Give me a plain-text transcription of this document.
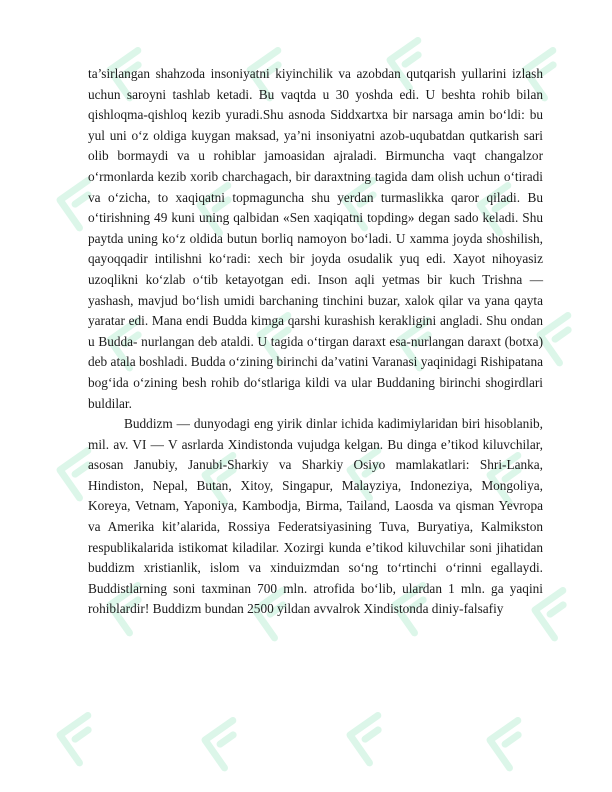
ta’sirlangan shahzoda insoniyatni kiyinchilik va azobdan qutqarish yullarini izlash uchun saroyni tashlab ketadi. Bu vaqtda u 30 yoshda edi. U beshta rohib bilan qishloqma-qishloq kezib yuradi.Shu asnoda Siddxartxa bir narsaga amin bo‘ldi: bu yul uni o‘z oldiga kuygan maksad, ya’ni insoniyatni azob-uqubatdan qutkarish sari olib bormaydi va u rohiblar jamoasidan ajraladi. Birmuncha vaqt changalzor o‘rmonlarda kezib xorib charchagach, bir daraxtning tagida dam olish uchun o‘tiradi va o‘zicha, to xaqiqatni topmaguncha shu yerdan turmaslikka qaror qiladi. Bu o‘tirishning 49 kuni uning qalbidan «Sen xaqiqatni topding» degan sado keladi. Shu paytda uning ko‘z oldida butun borliq namoyon bo‘ladi. U xamma joyda shoshilish, qayoqqadir intilishni ko‘radi: xech bir joyda osudalik yuq edi. Xayot nihoyasiz uzoqlikni ko‘zlab o‘tib ketayotgan edi. Inson aqli yetmas bir kuch Trishna — yashash, mavjud bo‘lish umidi barchaning tinchini buzar, xalok qilar va yana qayta yaratar edi. Mana endi Budda kimga qarshi kurashish kerakligini angladi. Shu ondan u Budda- nurlangan deb ataldi. U tagida o‘tirgan daraxt esa-nurlangan daraxt (botxa) deb atala boshladi. Budda o‘zining birinchi da’vatini Varanasi yaqinidagi Rishipatana bog‘ida o‘zining besh rohib do‘stlariga kildi va ular Buddaning birinchi shogirdlari buldilar.

Buddizm — dunyodagi eng yirik dinlar ichida kadimiylaridan biri hisoblanib, mil. av. VI — V asrlarda Xindistonda vujudga kelgan. Bu dinga e’tikod kiluvchilar, asosan Janubiy, Janubi-Sharkiy va Sharkiy Osiyo mamlakatlari: Shri-Lanka, Hindiston, Nepal, Butan, Xitoy, Singapur, Malayziya, Indoneziya, Mongoliya, Koreya, Vetnam, Yaponiya, Kambodja, Birma, Tailand, Laosda va qisman Yevropa va Amerika kit’alarida, Rossiya Federatsiyasining Tuva, Buryatiya, Kalmikston respublikalarida istikomat kiladilar. Xozirgi kunda e’tikod kiluvchilar soni jihatidan buddizm xristianlik, islom va xinduizmdan so‘ng to‘rtinchi o‘rinni egallaydi. Buddistlarning soni taxminan 700 mln. atrofida bo‘lib, ulardan 1 mln. ga yaqini rohiblardir! Buddizm bundan 2500 yildan avvalrok Xindistonda diniy-falsafiy
